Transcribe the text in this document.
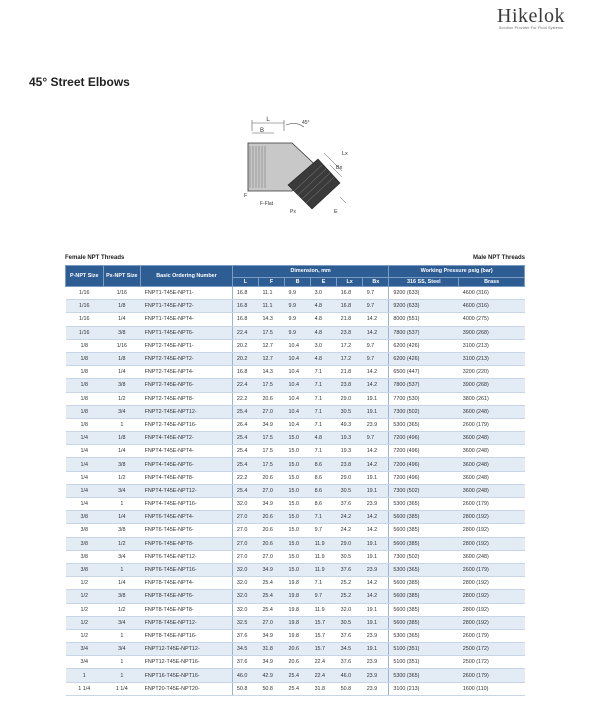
Hikelok
Solution Provider For Fluid Systems
45° Street Elbows
L
B
45°
Lx
Bx
E
F
F-Flat
Px
Female NPT Threads	Male NPT Threads
P-NPT Size	Px-NPT Size	Basic Ordering Number	Dimension, mm						Working Pressure psig (bar)	
			L	F	B	E	Lx	Bx	316 SS, Steel	Brass
1/16	1/16	FNPT1-T45E-NPT1-	16.8	11.1	9.9	3.0	16.8	9.7	9200 (633)	4600 (316)
1/16	1/8	FNPT1-T45E-NPT2-	16.8	11.1	9.9	4.8	16.8	9.7	9200 (633)	4600 (316)
1/16	1/4	FNPT1-T45E-NPT4-	16.8	14.3	9.9	4.8	21.8	14.2	8000 (551)	4000 (275)
1/16	3/8	FNPT1-T45E-NPT6-	22.4	17.5	9.9	4.8	23.8	14.2	7800 (537)	3900 (268)
1/8	1/16	FNPT2-T45E-NPT1-	20.2	12.7	10.4	3.0	17.2	9.7	6200 (426)	3100 (213)
1/8	1/8	FNPT2-T45E-NPT2-	20.2	12.7	10.4	4.8	17.2	9.7	6200 (426)	3100 (213)
1/8	1/4	FNPT2-T45E-NPT4-	16.8	14.3	10.4	7.1	21.8	14.2	6500 (447)	3200 (220)
1/8	3/8	FNPT2-T45E-NPT6-	22.4	17.5	10.4	7.1	23.8	14.2	7800 (537)	3900 (268)
1/8	1/2	FNPT2-T45E-NPT8-	22.2	20.6	10.4	7.1	29.0	19.1	7700 (530)	3800 (261)
1/8	3/4	FNPT2-T45E-NPT12-	25.4	27.0	10.4	7.1	30.5	19.1	7300 (502)	3600 (248)
1/8	1	FNPT2-T45E-NPT16-	26.4	34.9	10.4	7.1	49.3	23.9	5300 (365)	2600 (179)
1/4	1/8	FNPT4-T45E-NPT2-	25.4	17.5	15.0	4.8	19.3	9.7	7200 (496)	3600 (248)
1/4	1/4	FNPT4-T45E-NPT4-	25.4	17.5	15.0	7.1	19.3	14.2	7200 (496)	3600 (248)
1/4	3/8	FNPT4-T45E-NPT6-	25.4	17.5	15.0	8.6	23.8	14.2	7200 (496)	3600 (248)
1/4	1/2	FNPT4-T45E-NPT8-	22.2	20.6	15.0	8.6	29.0	19.1	7200 (496)	3600 (248)
1/4	3/4	FNPT4-T45E-NPT12-	25.4	27.0	15.0	8.6	30.5	19.1	7300 (502)	3600 (248)
1/4	1	FNPT4-T45E-NPT16-	32.0	34.9	15.0	8.6	37.6	23.9	5300 (365)	2600 (179)
3/8	1/4	FNPT6-T45E-NPT4-	27.0	20.6	15.0	7.1	24.2	14.2	5600 (385)	2800 (192)
3/8	3/8	FNPT6-T45E-NPT6-	27.0	20.6	15.0	9.7	24.2	14.2	5600 (385)	2800 (192)
3/8	1/2	FNPT6-T45E-NPT8-	27.0	20.6	15.0	11.9	29.0	19.1	5600 (385)	2800 (192)
3/8	3/4	FNPT6-T45E-NPT12-	27.0	27.0	15.0	11.9	30.5	19.1	7300 (502)	3600 (248)
3/8	1	FNPT6-T45E-NPT16-	32.0	34.9	15.0	11.9	37.6	23.9	5300 (365)	2600 (179)
1/2	1/4	FNPT8-T45E-NPT4-	32.0	25.4	19.8	7.1	25.2	14.2	5600 (385)	2800 (192)
1/2	3/8	FNPT8-T45E-NPT6-	32.0	25.4	19.8	9.7	25.2	14.2	5600 (385)	2800 (192)
1/2	1/2	FNPT8-T45E-NPT8-	32.0	25.4	19.8	11.9	32.0	19.1	5600 (385)	2800 (192)
1/2	3/4	FNPT8-T45E-NPT12-	32.5	27.0	19.8	15.7	30.5	19.1	5600 (385)	2800 (192)
1/2	1	FNPT8-T45E-NPT16-	37.6	34.9	19.8	15.7	37.6	23.9	5300 (365)	2600 (179)
3/4	3/4	FNPT12-T45E-NPT12-	34.5	31.8	20.6	15.7	34.5	19.1	5100 (351)	2500 (172)
3/4	1	FNPT12-T45E-NPT16-	37.6	34.9	20.6	22.4	37.6	23.9	5100 (351)	2500 (172)
1	1	FNPT16-T45E-NPT16-	46.0	42.9	25.4	22.4	46.0	23.9	5300 (365)	2600 (179)
1 1/4	1 1/4	FNPT20-T45E-NPT20-	50.8	50.8	25.4	31.8	50.8	23.9	3100 (213)	1600 (110)
